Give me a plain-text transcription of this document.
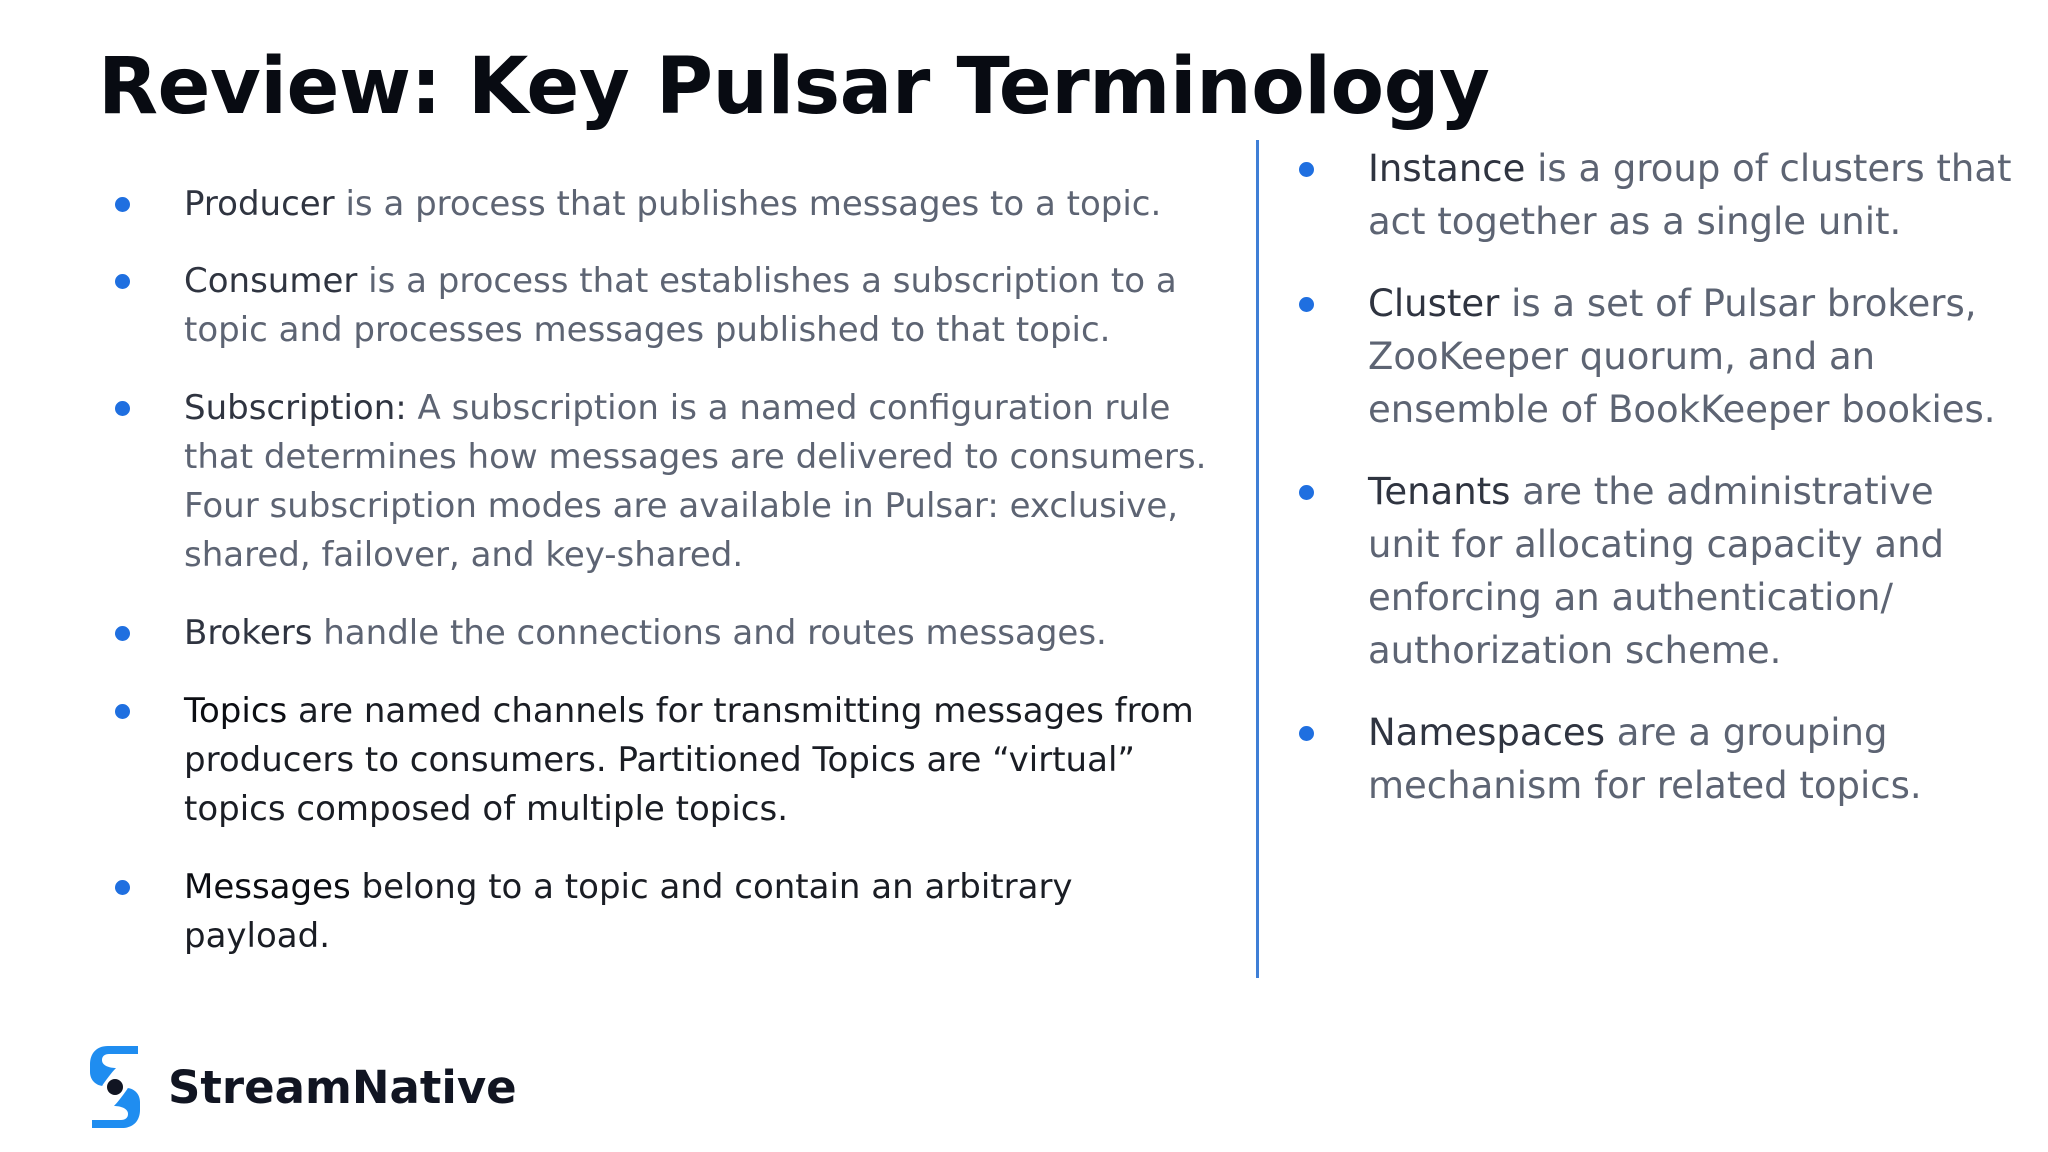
Review: Key Pulsar Terminology
Producer is a process that publishes messages to a topic.
Consumer is a process that establishes a subscription to a topic and processes messages published to that topic.
Subscription: A subscription is a named configuration rule that determines how messages are delivered to consumers. Four subscription modes are available in Pulsar: exclusive, shared, failover, and key-shared.
Brokers handle the connections and routes messages.
Topics are named channels for transmitting messages from producers to consumers. Partitioned Topics are “virtual” topics composed of multiple topics.
Messages belong to a topic and contain an arbitrary payload.
Instance is a group of clusters that act together as a single unit.
Cluster is a set of Pulsar brokers, ZooKeeper quorum, and an ensemble of BookKeeper bookies.
Tenants are the administrative unit for allocating capacity and enforcing an authentication/ authorization scheme.
Namespaces are a grouping mechanism for related topics.
StreamNative
